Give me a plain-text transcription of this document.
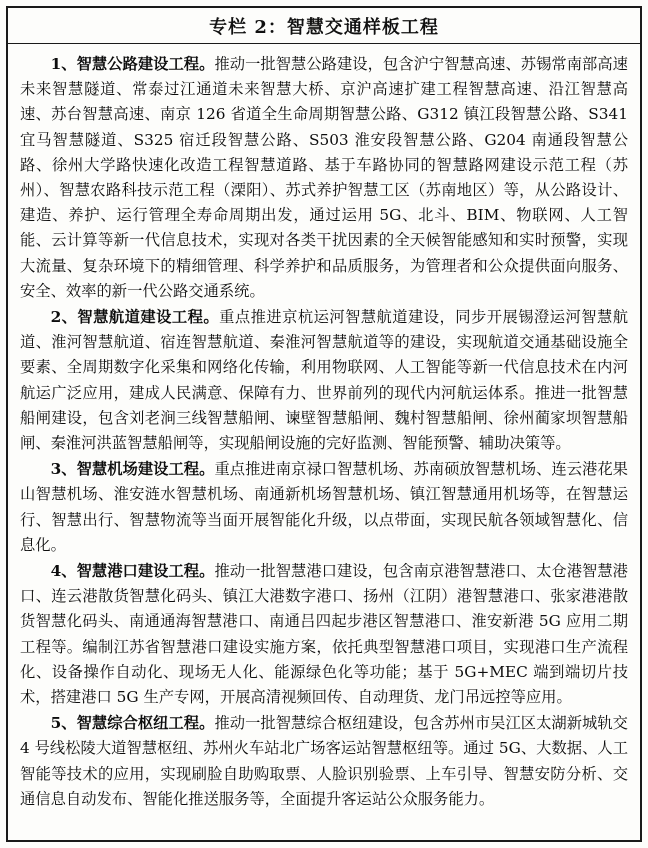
专栏 2：智慧交通样板工程

1、智慧公路建设工程。推动一批智慧公路建设，包含沪宁智慧高速、苏锡常南部高速未来智慧隧道、常泰过江通道未来智慧大桥、京沪高速扩建工程智慧高速、沿江智慧高速、苏台智慧高速、南京 126 省道全生命周期智慧公路、G312 镇江段智慧公路、S341 宜马智慧隧道、S325 宿迁段智慧公路、S503 淮安段智慧公路、G204 南通段智慧公路、徐州大学路快速化改造工程智慧道路、基于车路协同的智慧路网建设示范工程（苏州）、智慧农路科技示范工程（溧阳）、苏式养护智慧工区（苏南地区）等，从公路设计、建造、养护、运行管理全寿命周期出发，通过运用 5G、北斗、BIM、物联网、人工智能、云计算等新一代信息技术，实现对各类干扰因素的全天候智能感知和实时预警，实现大流量、复杂环境下的精细管理、科学养护和品质服务，为管理者和公众提供面向服务、安全、效率的新一代公路交通系统。

2、智慧航道建设工程。重点推进京杭运河智慧航道建设，同步开展锡澄运河智慧航道、淮河智慧航道、宿连智慧航道、秦淮河智慧航道等的建设，实现航道交通基础设施全要素、全周期数字化采集和网络化传输，利用物联网、人工智能等新一代信息技术在内河航运广泛应用，建成人民满意、保障有力、世界前列的现代内河航运体系。推进一批智慧船闸建设，包含刘老涧三线智慧船闸、谏壁智慧船闸、魏村智慧船闸、徐州蔺家坝智慧船闸、秦淮河洪蓝智慧船闸等，实现船闸设施的完好监测、智能预警、辅助决策等。

3、智慧机场建设工程。重点推进南京禄口智慧机场、苏南硕放智慧机场、连云港花果山智慧机场、淮安涟水智慧机场、南通新机场智慧机场、镇江智慧通用机场等，在智慧运行、智慧出行、智慧物流等当面开展智能化升级，以点带面，实现民航各领域智慧化、信息化。

4、智慧港口建设工程。推动一批智慧港口建设，包含南京港智慧港口、太仓港智慧港口、连云港散货智慧化码头、镇江大港数字港口、扬州（江阴）港智慧港口、张家港港散货智慧化码头、南通通海智慧港口、南通吕四起步港区智慧港口、淮安新港 5G 应用二期工程等。编制江苏省智慧港口建设实施方案，依托典型智慧港口项目，实现港口生产流程化、设备操作自动化、现场无人化、能源绿色化等功能；基于 5G+MEC 端到端切片技术，搭建港口 5G 生产专网，开展高清视频回传、自动理货、龙门吊远控等应用。

5、智慧综合枢纽工程。推动一批智慧综合枢纽建设，包含苏州市吴江区太湖新城轨交 4 号线松陵大道智慧枢纽、苏州火车站北广场客运站智慧枢纽等。通过 5G、大数据、人工智能等技术的应用，实现刷脸自助购取票、人脸识别验票、上车引导、智慧安防分析、交通信息自动发布、智能化推送服务等，全面提升客运站公众服务能力。
